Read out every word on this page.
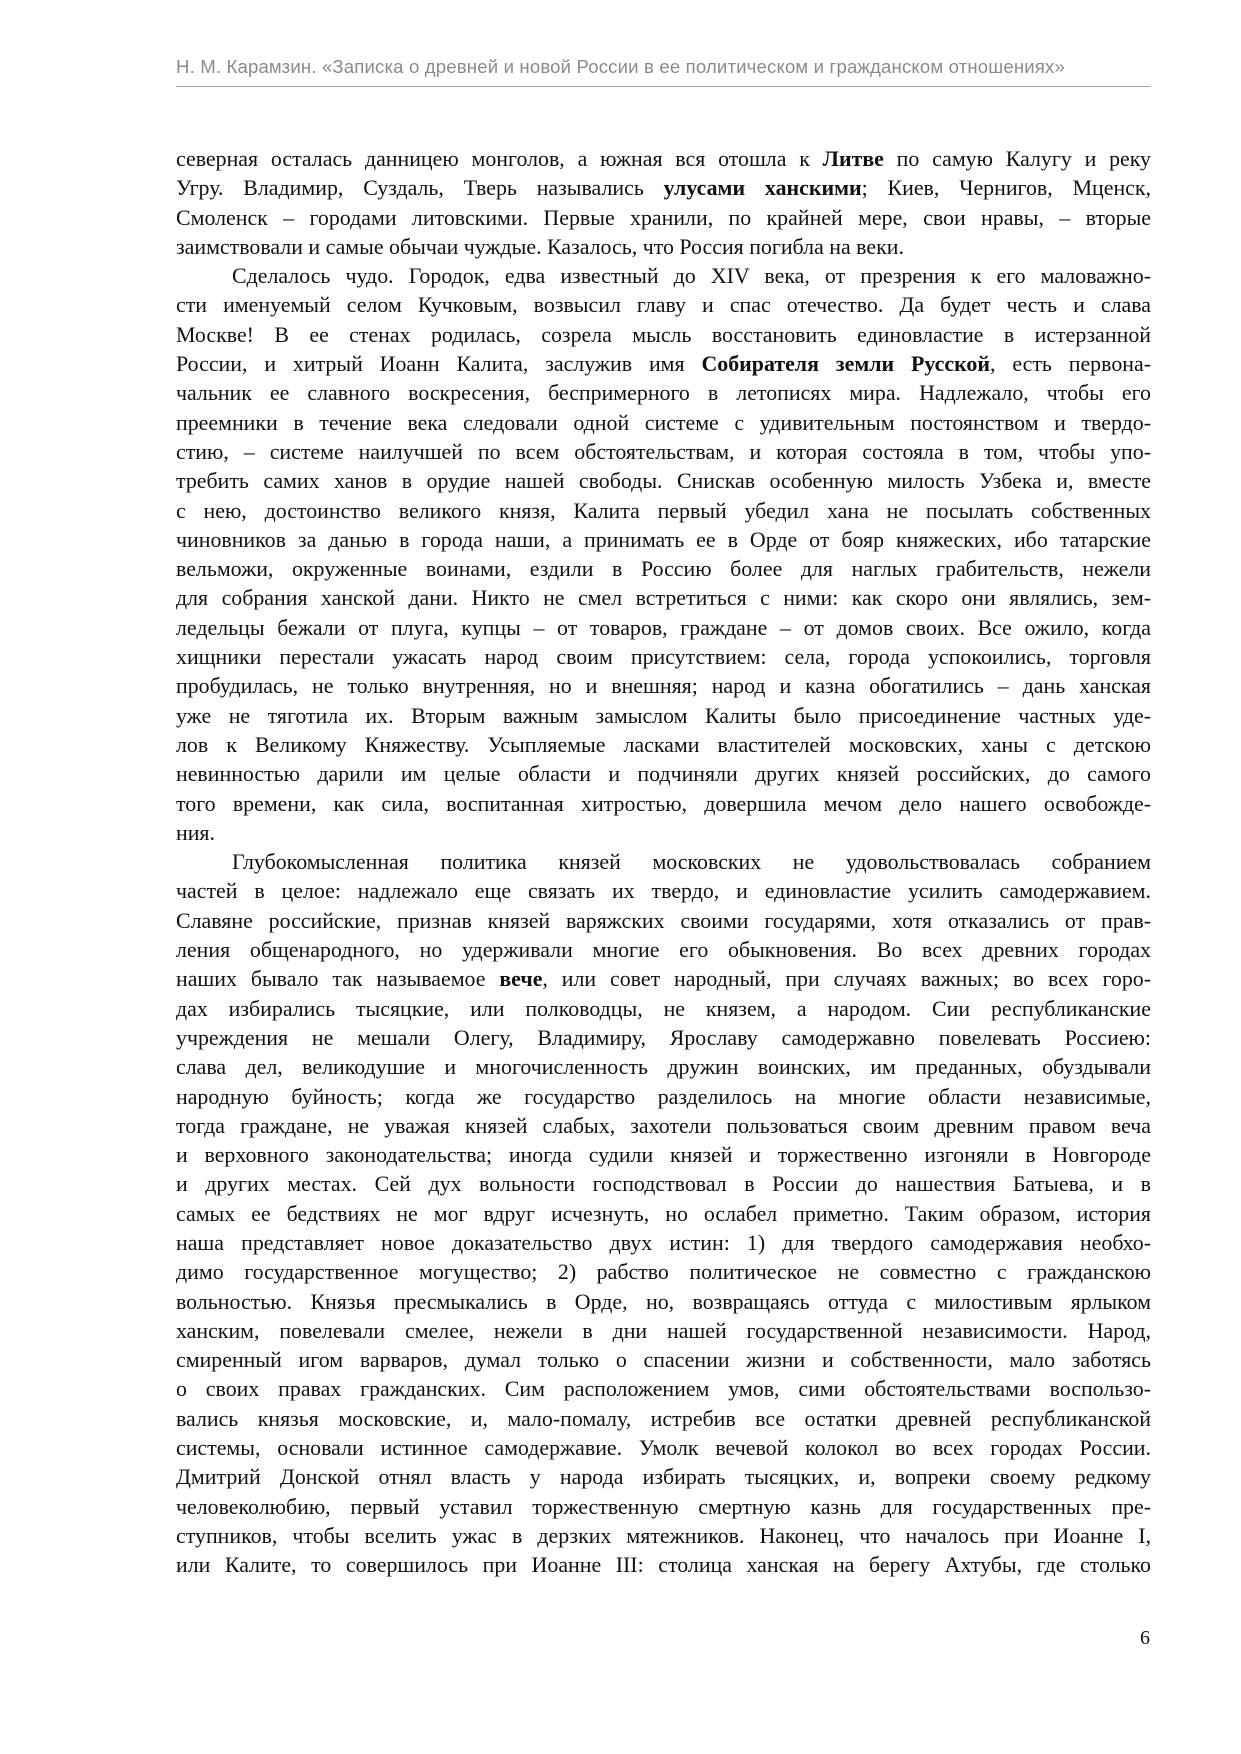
Н. М. Карамзин. «Записка о древней и новой России в ее политическом и гражданском отношениях»
северная осталась данницею монголов, а южная вся отошла к Литве по самую Калугу и реку
Угру. Владимир, Суздаль, Тверь назывались улусами ханскими; Киев, Чернигов, Мценск,
Смоленск – городами литовскими. Первые хранили, по крайней мере, свои нравы, – вторые
заимствовали и самые обычаи чуждые. Казалось, что Россия погибла на веки.
Сделалось чудо. Городок, едва известный до XIV века, от презрения к его маловажно-
сти именуемый селом Кучковым, возвысил главу и спас отечество. Да будет честь и слава
Москве! В ее стенах родилась, созрела мысль восстановить единовластие в истерзанной
России, и хитрый Иоанн Калита, заслужив имя Собирателя земли Русской, есть первона-
чальник ее славного воскресения, беспримерного в летописях мира. Надлежало, чтобы его
преемники в течение века следовали одной системе с удивительным постоянством и твердо-
стию, – системе наилучшей по всем обстоятельствам, и которая состояла в том, чтобы упо-
требить самих ханов в орудие нашей свободы. Снискав особенную милость Узбека и, вместе
с нею, достоинство великого князя, Калита первый убедил хана не посылать собственных
чиновников за данью в города наши, а принимать ее в Орде от бояр княжеских, ибо татарские
вельможи, окруженные воинами, ездили в Россию более для наглых грабительств, нежели
для собрания ханской дани. Никто не смел встретиться с ними: как скоро они являлись, зем-
ледельцы бежали от плуга, купцы – от товаров, граждане – от домов своих. Все ожило, когда
хищники перестали ужасать народ своим присутствием: села, города успокоились, торговля
пробудилась, не только внутренняя, но и внешняя; народ и казна обогатились – дань ханская
уже не тяготила их. Вторым важным замыслом Калиты было присоединение частных уде-
лов к Великому Княжеству. Усыпляемые ласками властителей московских, ханы с детскою
невинностью дарили им целые области и подчиняли других князей российских, до самого
того времени, как сила, воспитанная хитростью, довершила мечом дело нашего освобожде-
ния.
Глубокомысленная политика князей московских не удовольствовалась собранием
частей в целое: надлежало еще связать их твердо, и единовластие усилить самодержавием.
Славяне российские, признав князей варяжских своими государями, хотя отказались от прав-
ления общенародного, но удерживали многие его обыкновения. Во всех древних городах
наших бывало так называемое вече, или совет народный, при случаях важных; во всех горо-
дах избирались тысяцкие, или полководцы, не князем, а народом. Сии республиканские
учреждения не мешали Олегу, Владимиру, Ярославу самодержавно повелевать Россиею:
слава дел, великодушие и многочисленность дружин воинских, им преданных, обуздывали
народную буйность; когда же государство разделилось на многие области независимые,
тогда граждане, не уважая князей слабых, захотели пользоваться своим древним правом веча
и верховного законодательства; иногда судили князей и торжественно изгоняли в Новгороде
и других местах. Сей дух вольности господствовал в России до нашествия Батыева, и в
самых ее бедствиях не мог вдруг исчезнуть, но ослабел приметно. Таким образом, история
наша представляет новое доказательство двух истин: 1) для твердого самодержавия необхо-
димо государственное могущество; 2) рабство политическое не совместно с гражданскою
вольностью. Князья пресмыкались в Орде, но, возвращаясь оттуда с милостивым ярлыком
ханским, повелевали смелее, нежели в дни нашей государственной независимости. Народ,
смиренный игом варваров, думал только о спасении жизни и собственности, мало заботясь
о своих правах гражданских. Сим расположением умов, сими обстоятельствами воспользо-
вались князья московские, и, мало-помалу, истребив все остатки древней республиканской
системы, основали истинное самодержавие. Умолк вечевой колокол во всех городах России.
Дмитрий Донской отнял власть у народа избирать тысяцких, и, вопреки своему редкому
человеколюбию, первый уставил торжественную смертную казнь для государственных пре-
ступников, чтобы вселить ужас в дерзких мятежников. Наконец, что началось при Иоанне I,
или Калите, то совершилось при Иоанне III: столица ханская на берегу Ахтубы, где столько
6
